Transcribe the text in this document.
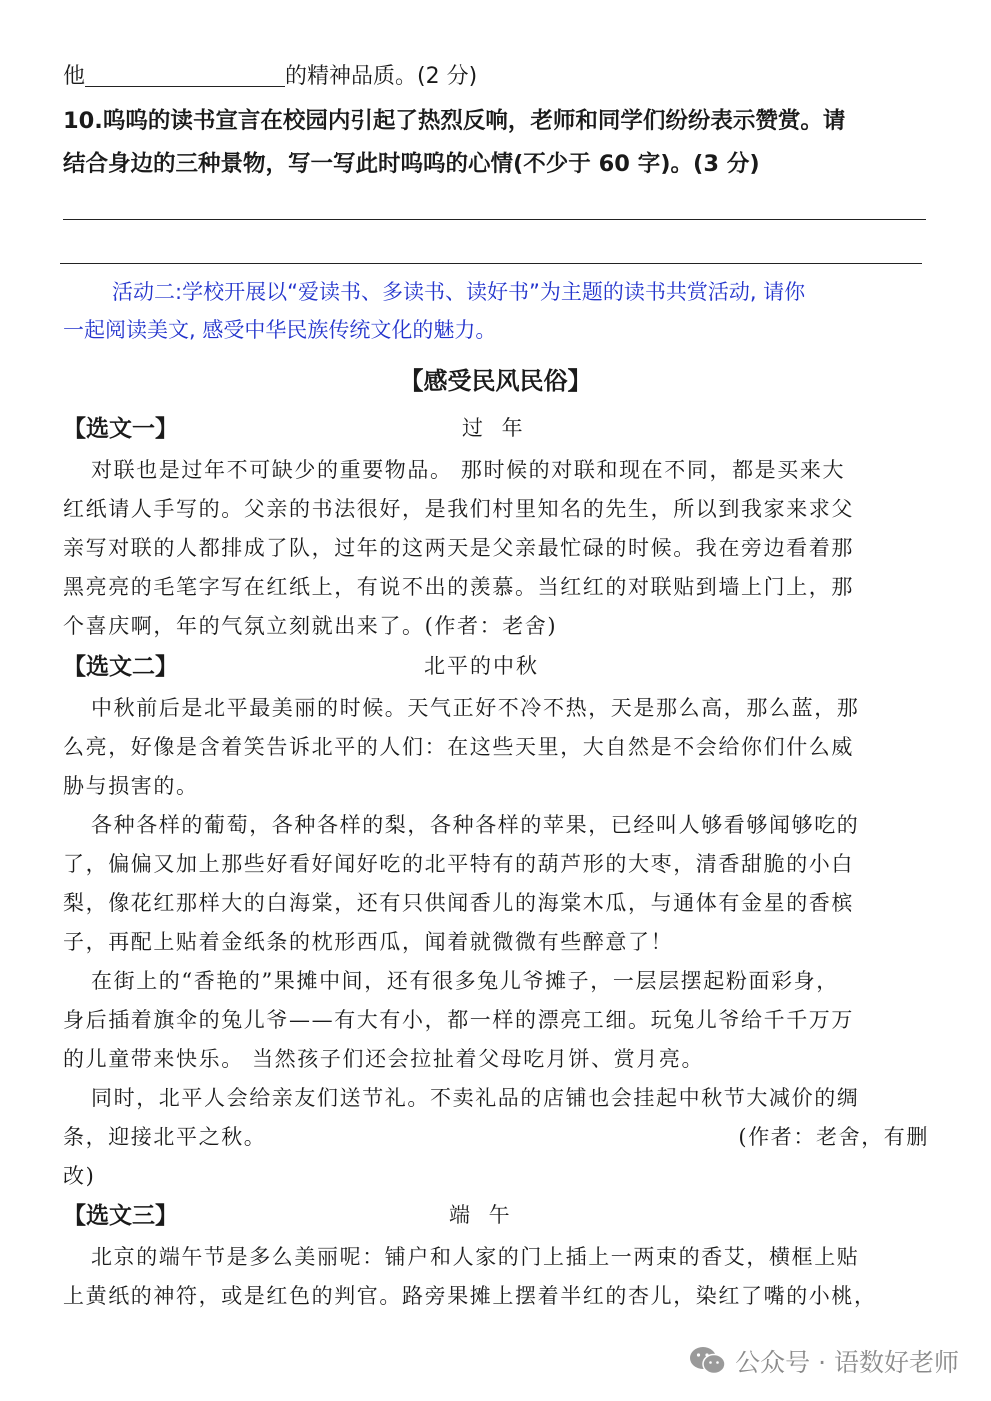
他	的精神品质。(2 分)
10.呜呜的读书宣言在校园内引起了热烈反响，老师和同学们纷纷表示赞赏。请
结合身边的三种景物，写一写此时呜呜的心情(不少于 60 字)。(3 分)
活动二:学校开展以“爱读书、多读书、读好书”为主题的读书共赏活动, 请你
一起阅读美文, 感受中华民族传统文化的魅力。
【感受民风民俗】
【选文一】	过 年
对联也是过年不可缺少的重要物品。 那时候的对联和现在不同，都是买来大
红纸请人手写的。父亲的书法很好，是我们村里知名的先生，所以到我家来求父
亲写对联的人都排成了队，过年的这两天是父亲最忙碌的时候。我在旁边看着那
黑亮亮的毛笔字写在红纸上，有说不出的羡慕。当红红的对联贴到墙上门上，那
个喜庆啊，年的气氛立刻就出来了。(作者：老舍)
【选文二】	北平的中秋
中秋前后是北平最美丽的时候。天气正好不冷不热，天是那么高，那么蓝，那
么亮，好像是含着笑告诉北平的人们：在这些天里，大自然是不会给你们什么威
胁与损害的。
各种各样的葡萄，各种各样的梨，各种各样的苹果，已经叫人够看够闻够吃的
了，偏偏又加上那些好看好闻好吃的北平特有的葫芦形的大枣，清香甜脆的小白
梨，像花红那样大的白海棠，还有只供闻香儿的海棠木瓜，与通体有金星的香槟
子，再配上贴着金纸条的枕形西瓜，闻着就微微有些醉意了！
在街上的“香艳的”果摊中间，还有很多兔儿爷摊子，一层层摆起粉面彩身，
身后插着旗伞的兔儿爷——有大有小，都一样的漂亮工细。玩兔儿爷给千千万万
的儿童带来快乐。 当然孩子们还会拉扯着父母吃月饼、赏月亮。
同时，北平人会给亲友们送节礼。不卖礼品的店铺也会挂起中秋节大减价的绸
条，迎接北平之秋。	(作者：老舍，有删
改)
【选文三】	端 午
北京的端午节是多么美丽呢：铺户和人家的门上插上一两束的香艾，横框上贴
上黄纸的神符，或是红色的判官。路旁果摊上摆着半红的杏儿，染红了嘴的小桃，
公众号 · 语数好老师
